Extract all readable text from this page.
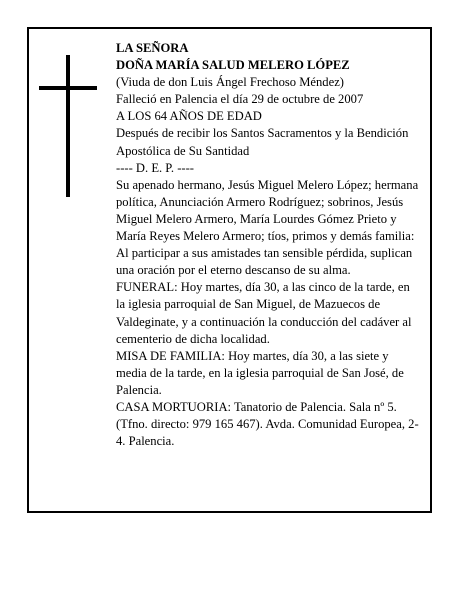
LA SEÑORA

DOÑA MARÍA SALUD MELERO LÓPEZ

(Viuda de don Luis Ángel Frechoso Méndez)

Falleció en Palencia el día 29 de octubre de 2007

A LOS 64 AÑOS DE EDAD

Después de recibir los Santos Sacramentos y la Bendición Apostólica de Su Santidad

---- D. E. P. ----

Su apenado hermano, Jesús Miguel Melero López; hermana política, Anunciación Armero Rodríguez; sobrinos, Jesús Miguel Melero Armero, María Lourdes Gómez Prieto y María Reyes Melero Armero; tíos, primos y demás familia:

Al participar a sus amistades tan sensible pérdida, suplican una oración por el eterno descanso de su alma.

FUNERAL: Hoy martes, día 30, a las cinco de la tarde, en la iglesia parroquial de San Miguel, de Mazuecos de Valdeginate, y a continuación la conducción del cadáver al cementerio de dicha localidad.

MISA DE FAMILIA: Hoy martes, día 30, a las siete y media de la tarde, en la iglesia parroquial de San José, de Palencia.

CASA MORTUORIA: Tanatorio de Palencia. Sala nº 5. (Tfno. directo: 979 165 467). Avda. Comunidad Europea, 2-4. Palencia.
